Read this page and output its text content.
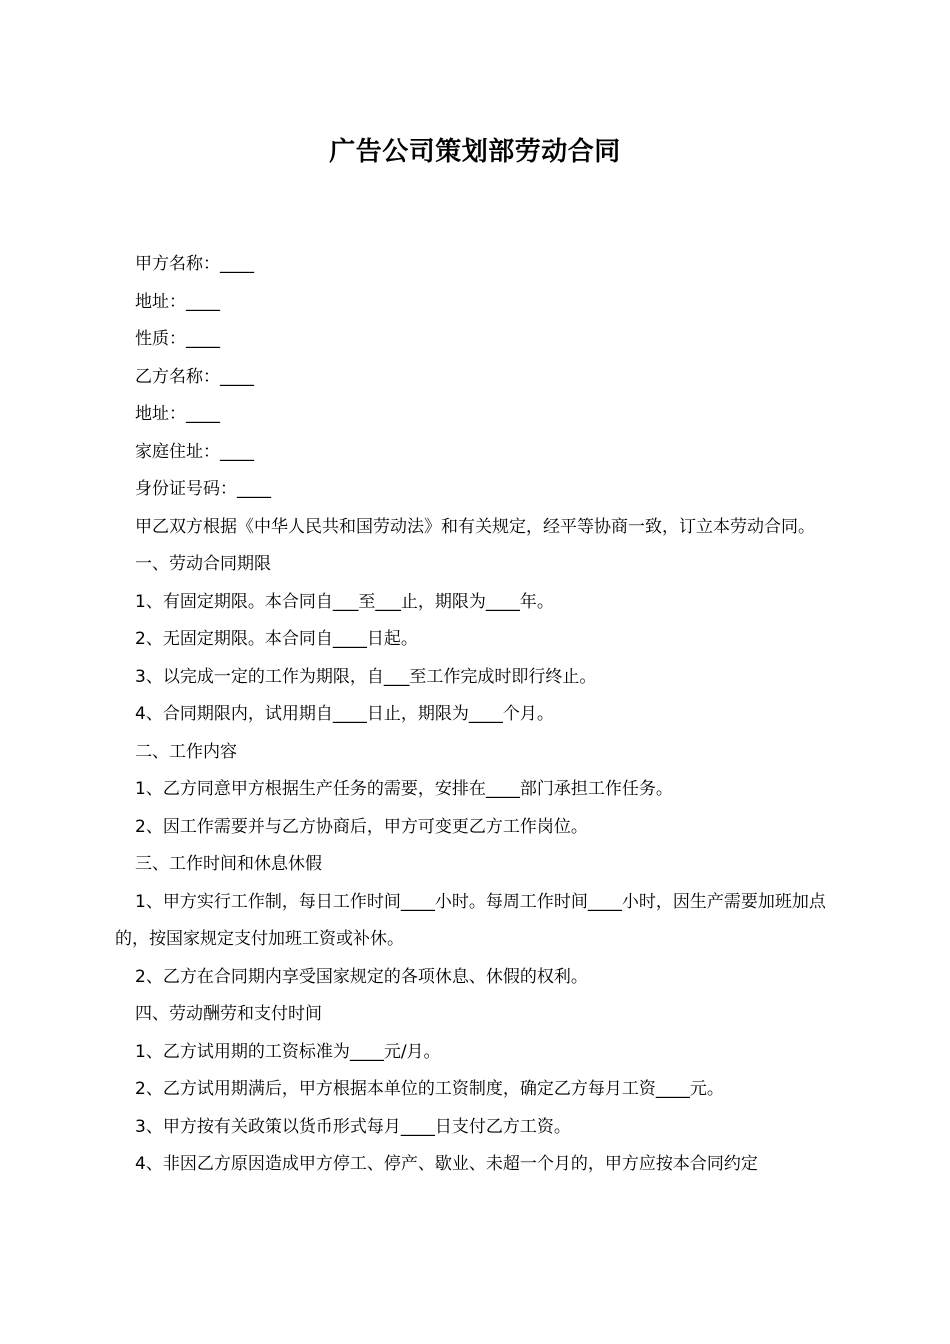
广告公司策划部劳动合同

甲方名称：____

地址：____

性质：____

乙方名称：____

地址：____

家庭住址：____

身份证号码：____

甲乙双方根据《中华人民共和国劳动法》和有关规定，经平等协商一致，订立本劳动合同。

一、劳动合同期限

1、有固定期限。本合同自___至___止，期限为____年。

2、无固定期限。本合同自____日起。

3、以完成一定的工作为期限，自___至工作完成时即行终止。

4、合同期限内，试用期自____日止，期限为____个月。

二、工作内容

1、乙方同意甲方根据生产任务的需要，安排在____部门承担工作任务。

2、因工作需要并与乙方协商后，甲方可变更乙方工作岗位。

三、工作时间和休息休假

1、甲方实行工作制，每日工作时间____小时。每周工作时间____小时，因生产需要加班加点的，按国家规定支付加班工资或补休。

2、乙方在合同期内享受国家规定的各项休息、休假的权利。

四、劳动酬劳和支付时间

1、乙方试用期的工资标准为____元/月。

2、乙方试用期满后，甲方根据本单位的工资制度，确定乙方每月工资____元。

3、甲方按有关政策以货币形式每月____日支付乙方工资。

4、非因乙方原因造成甲方停工、停产、歇业、未超一个月的，甲方应按本合同约定
